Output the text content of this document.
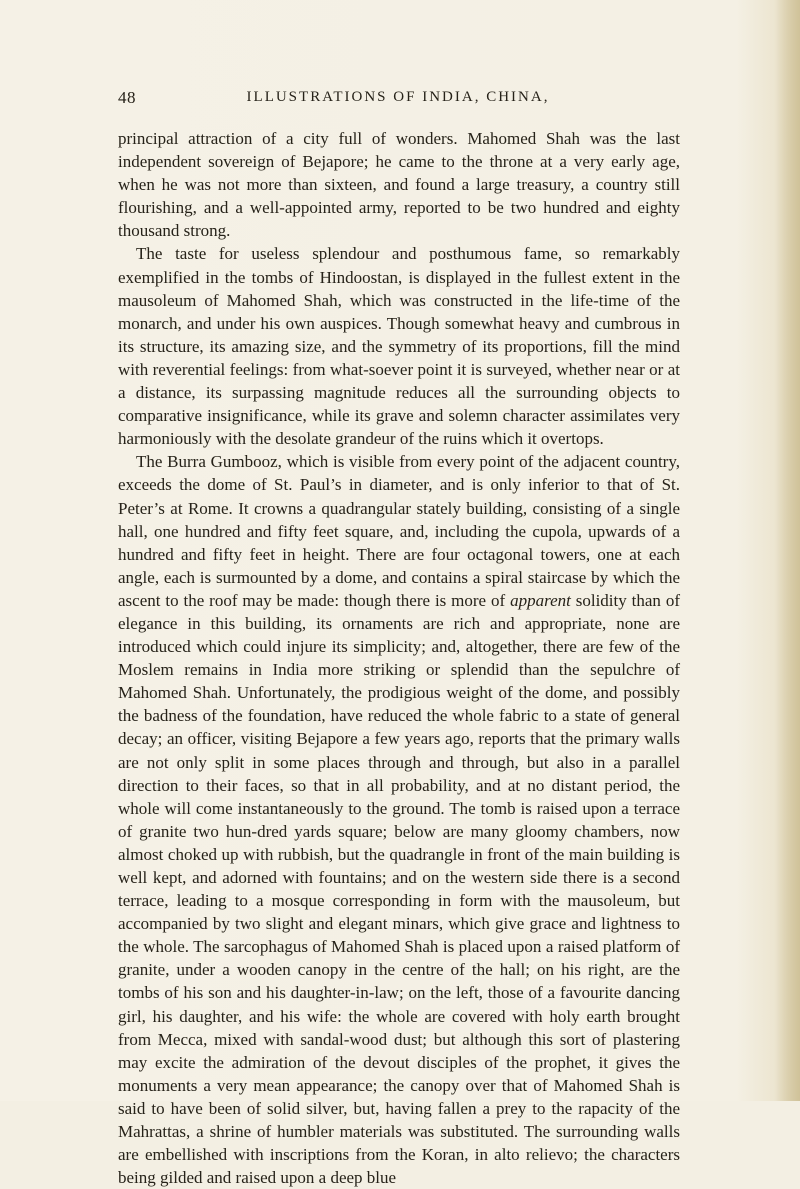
48	ILLUSTRATIONS OF INDIA, CHINA,

principal attraction of a city full of wonders. Mahomed Shah was the last independent sovereign of Bejapore; he came to the throne at a very early age, when he was not more than sixteen, and found a large treasury, a country still flourishing, and a well-appointed army, reported to be two hundred and eighty thousand strong.

The taste for useless splendour and posthumous fame, so remarkably exemplified in the tombs of Hindoostan, is displayed in the fullest extent in the mausoleum of Mahomed Shah, which was constructed in the life-time of the monarch, and under his own auspices. Though somewhat heavy and cumbrous in its structure, its amazing size, and the symmetry of its proportions, fill the mind with reverential feelings: from what-soever point it is surveyed, whether near or at a distance, its surpassing magnitude reduces all the surrounding objects to comparative insignificance, while its grave and solemn character assimilates very harmoniously with the desolate grandeur of the ruins which it overtops.

The Burra Gumbooz, which is visible from every point of the adjacent country, exceeds the dome of St. Paul’s in diameter, and is only inferior to that of St. Peter’s at Rome. It crowns a quadrangular stately building, consisting of a single hall, one hundred and fifty feet square, and, including the cupola, upwards of a hundred and fifty feet in height. There are four octagonal towers, one at each angle, each is surmounted by a dome, and contains a spiral staircase by which the ascent to the roof may be made: though there is more of apparent solidity than of elegance in this building, its ornaments are rich and appropriate, none are introduced which could injure its simplicity; and, altogether, there are few of the Moslem remains in India more striking or splendid than the sepulchre of Mahomed Shah. Unfortunately, the prodigious weight of the dome, and possibly the badness of the foundation, have reduced the whole fabric to a state of general decay; an officer, visiting Bejapore a few years ago, reports that the primary walls are not only split in some places through and through, but also in a parallel direction to their faces, so that in all probability, and at no distant period, the whole will come instantaneously to the ground. The tomb is raised upon a terrace of granite two hun-dred yards square; below are many gloomy chambers, now almost choked up with rubbish, but the quadrangle in front of the main building is well kept, and adorned with fountains; and on the western side there is a second terrace, leading to a mosque corresponding in form with the mausoleum, but accompanied by two slight and elegant minars, which give grace and lightness to the whole. The sarcophagus of Mahomed Shah is placed upon a raised platform of granite, under a wooden canopy in the centre of the hall; on his right, are the tombs of his son and his daughter-in-law; on the left, those of a favourite dancing girl, his daughter, and his wife: the whole are covered with holy earth brought from Mecca, mixed with sandal-wood dust; but although this sort of plastering may excite the admiration of the devout disciples of the prophet, it gives the monuments a very mean appearance; the canopy over that of Mahomed Shah is said to have been of solid silver, but, having fallen a prey to the rapacity of the Mahrattas, a shrine of humbler materials was substituted. The surrounding walls are embellished with inscriptions from the Koran, in alto relievo; the characters being gilded and raised upon a deep blue
